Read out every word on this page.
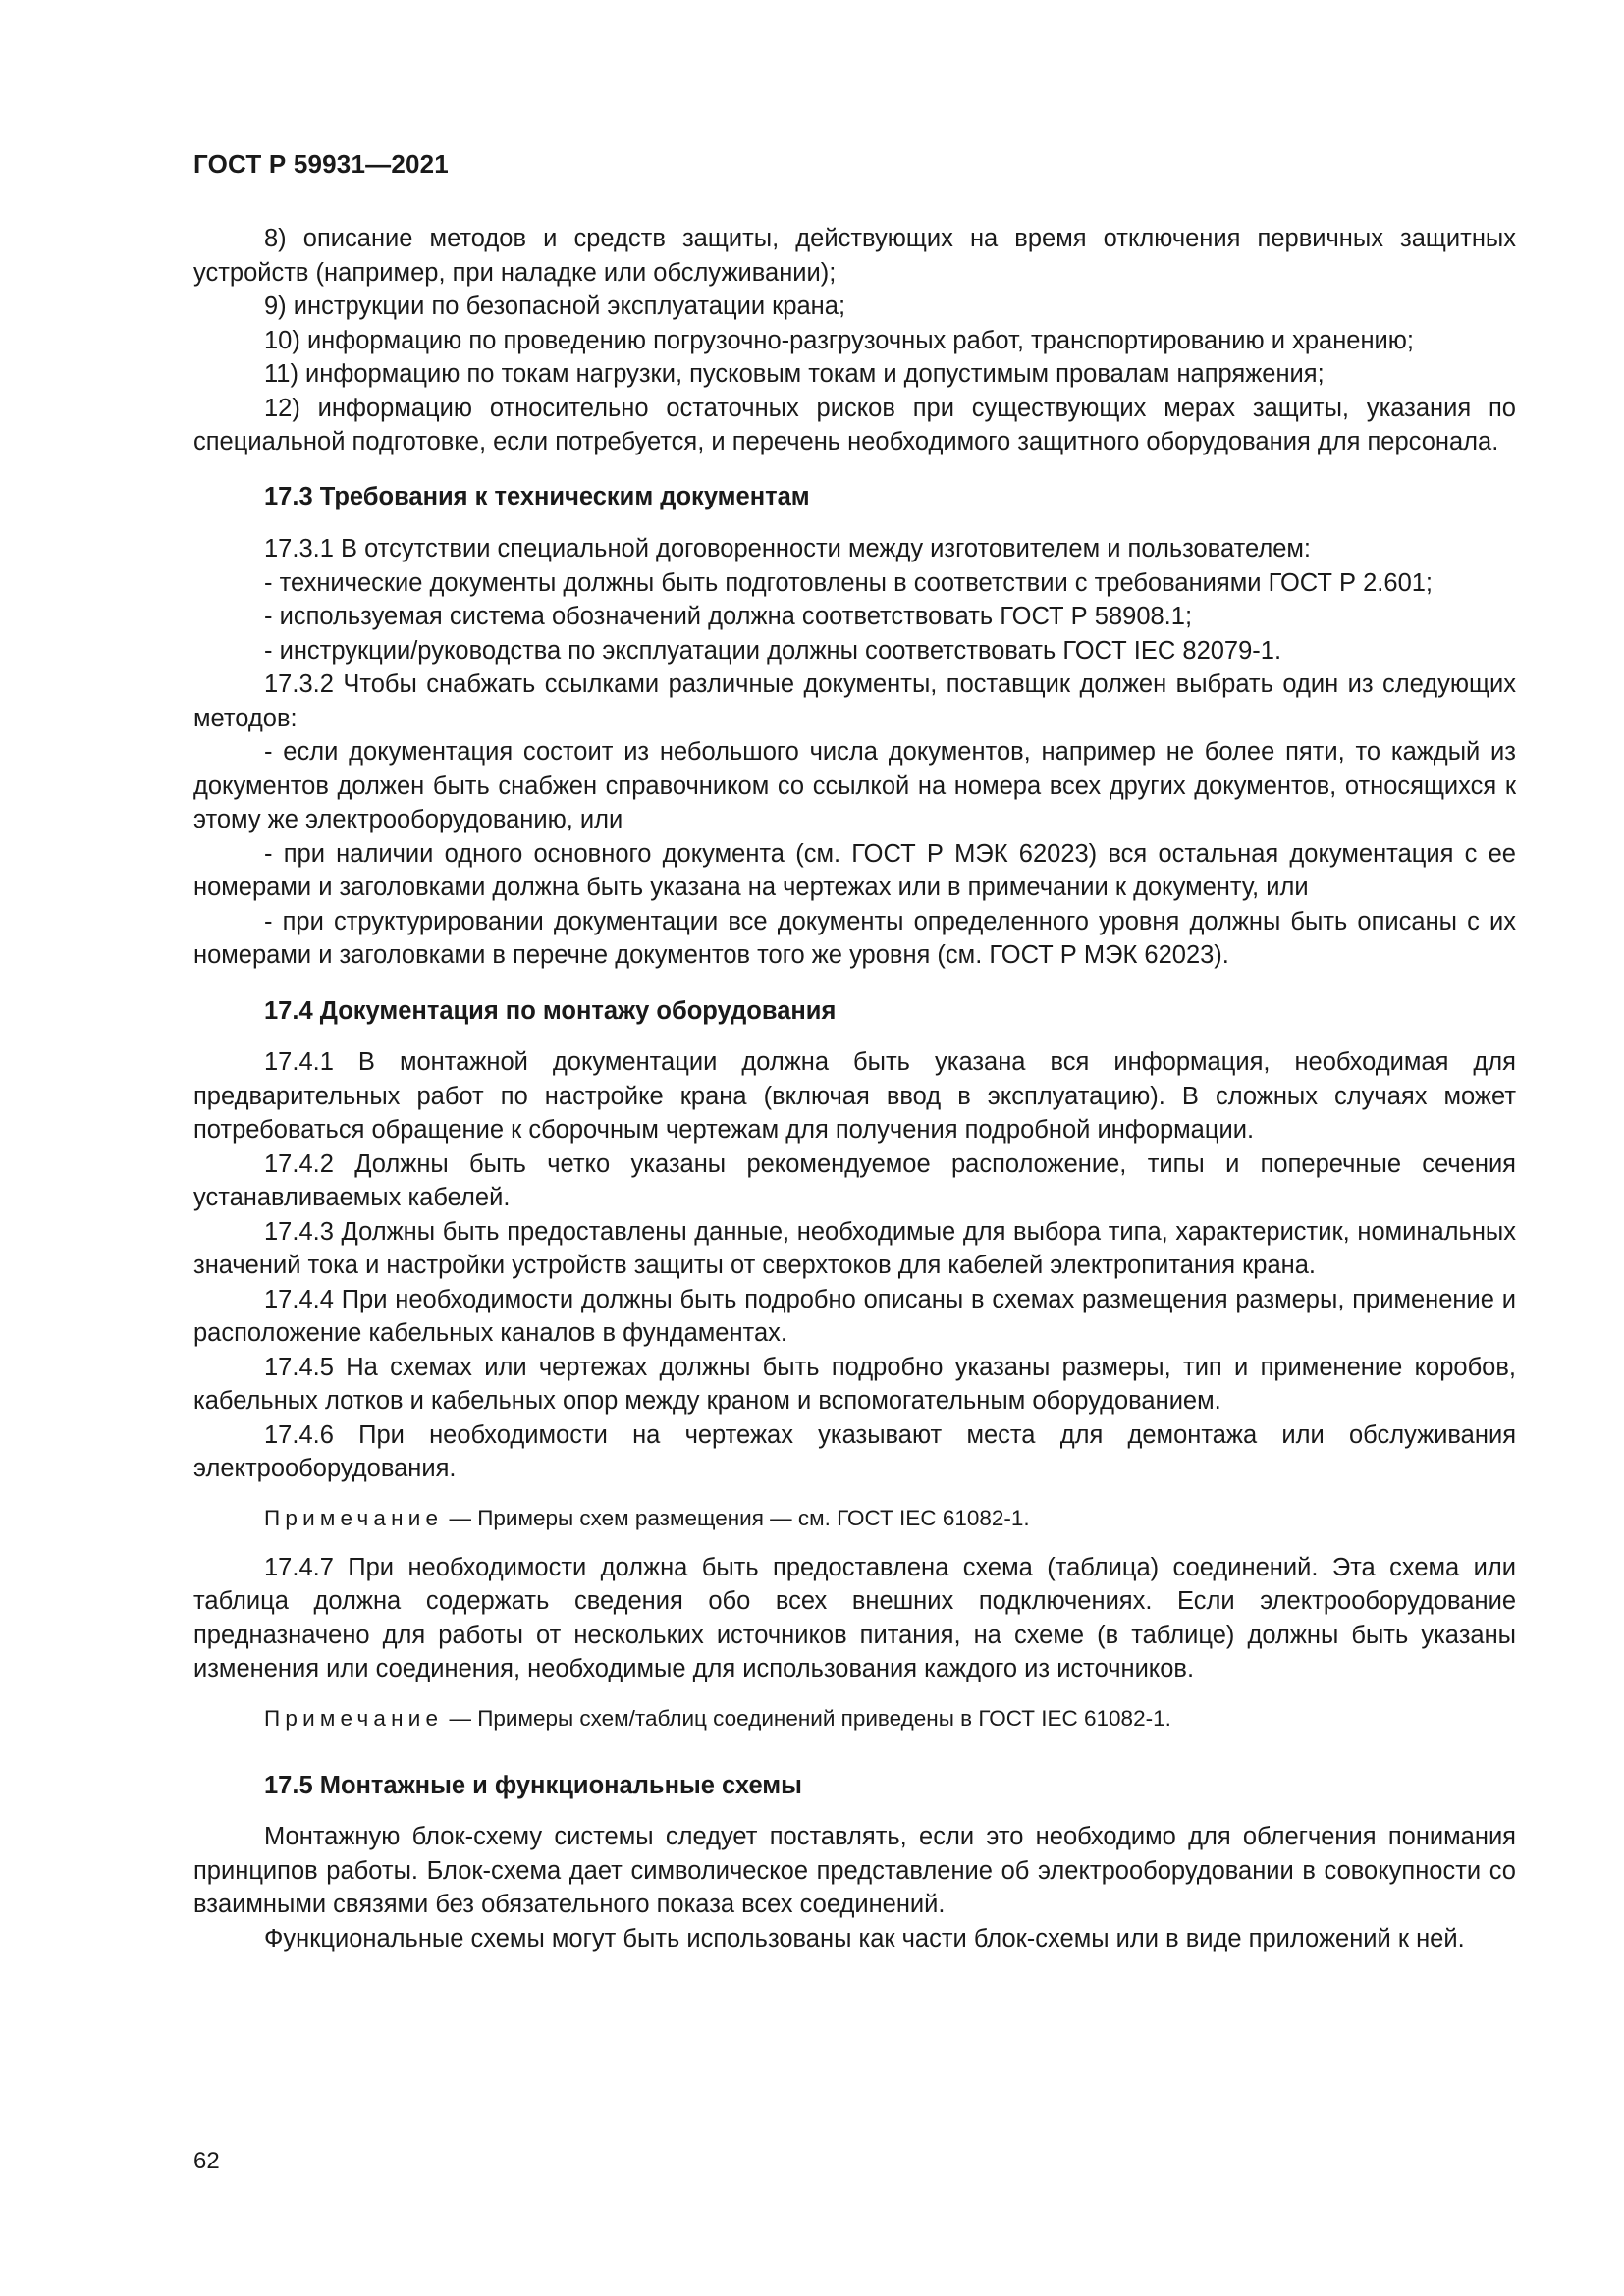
ГОСТ Р 59931—2021

8) описание методов и средств защиты, действующих на время отключения первичных защитных устройств (например, при наладке или обслуживании);

9) инструкции по безопасной эксплуатации крана;

10) информацию по проведению погрузочно-разгрузочных работ, транспортированию и хранению;

11) информацию по токам нагрузки, пусковым токам и допустимым провалам напряжения;

12) информацию относительно остаточных рисков при существующих мерах защиты, указания по специальной подготовке, если потребуется, и перечень необходимого защитного оборудования для персонала.

17.3 Требования к техническим документам

17.3.1 В отсутствии специальной договоренности между изготовителем и пользователем:

- технические документы должны быть подготовлены в соответствии с требованиями ГОСТ Р 2.601;

- используемая система обозначений должна соответствовать ГОСТ Р 58908.1;

- инструкции/руководства по эксплуатации должны соответствовать ГОСТ IEC 82079-1.

17.3.2 Чтобы снабжать ссылками различные документы, поставщик должен выбрать один из следующих методов:

- если документация состоит из небольшого числа документов, например не более пяти, то каждый из документов должен быть снабжен справочником со ссылкой на номера всех других документов, относящихся к этому же электрооборудованию, или

- при наличии одного основного документа (см. ГОСТ Р МЭК 62023) вся остальная документация с ее номерами и заголовками должна быть указана на чертежах или в примечании к документу, или

- при структурировании документации все документы определенного уровня должны быть описаны с их номерами и заголовками в перечне документов того же уровня (см. ГОСТ Р МЭК 62023).

17.4 Документация по монтажу оборудования

17.4.1 В монтажной документации должна быть указана вся информация, необходимая для предварительных работ по настройке крана (включая ввод в эксплуатацию). В сложных случаях может потребоваться обращение к сборочным чертежам для получения подробной информации.

17.4.2 Должны быть четко указаны рекомендуемое расположение, типы и поперечные сечения устанавливаемых кабелей.

17.4.3 Должны быть предоставлены данные, необходимые для выбора типа, характеристик, номинальных значений тока и настройки устройств защиты от сверхтоков для кабелей электропитания крана.

17.4.4 При необходимости должны быть подробно описаны в схемах размещения размеры, применение и расположение кабельных каналов в фундаментах.

17.4.5 На схемах или чертежах должны быть подробно указаны размеры, тип и применение коробов, кабельных лотков и кабельных опор между краном и вспомогательным оборудованием.

17.4.6 При необходимости на чертежах указывают места для демонтажа или обслуживания электрооборудования.

Примечание — Примеры схем размещения — см. ГОСТ IEC 61082-1.

17.4.7 При необходимости должна быть предоставлена схема (таблица) соединений. Эта схема или таблица должна содержать сведения обо всех внешних подключениях. Если электрооборудование предназначено для работы от нескольких источников питания, на схеме (в таблице) должны быть указаны изменения или соединения, необходимые для использования каждого из источников.

Примечание — Примеры схем/таблиц соединений приведены в ГОСТ IEC 61082-1.
17.5 Монтажные и функциональные схемы

Монтажную блок-схему системы следует поставлять, если это необходимо для облегчения понимания принципов работы. Блок-схема дает символическое представление об электрооборудовании в совокупности со взаимными связями без обязательного показа всех соединений.

Функциональные схемы могут быть использованы как части блок-схемы или в виде приложений к ней.

62
